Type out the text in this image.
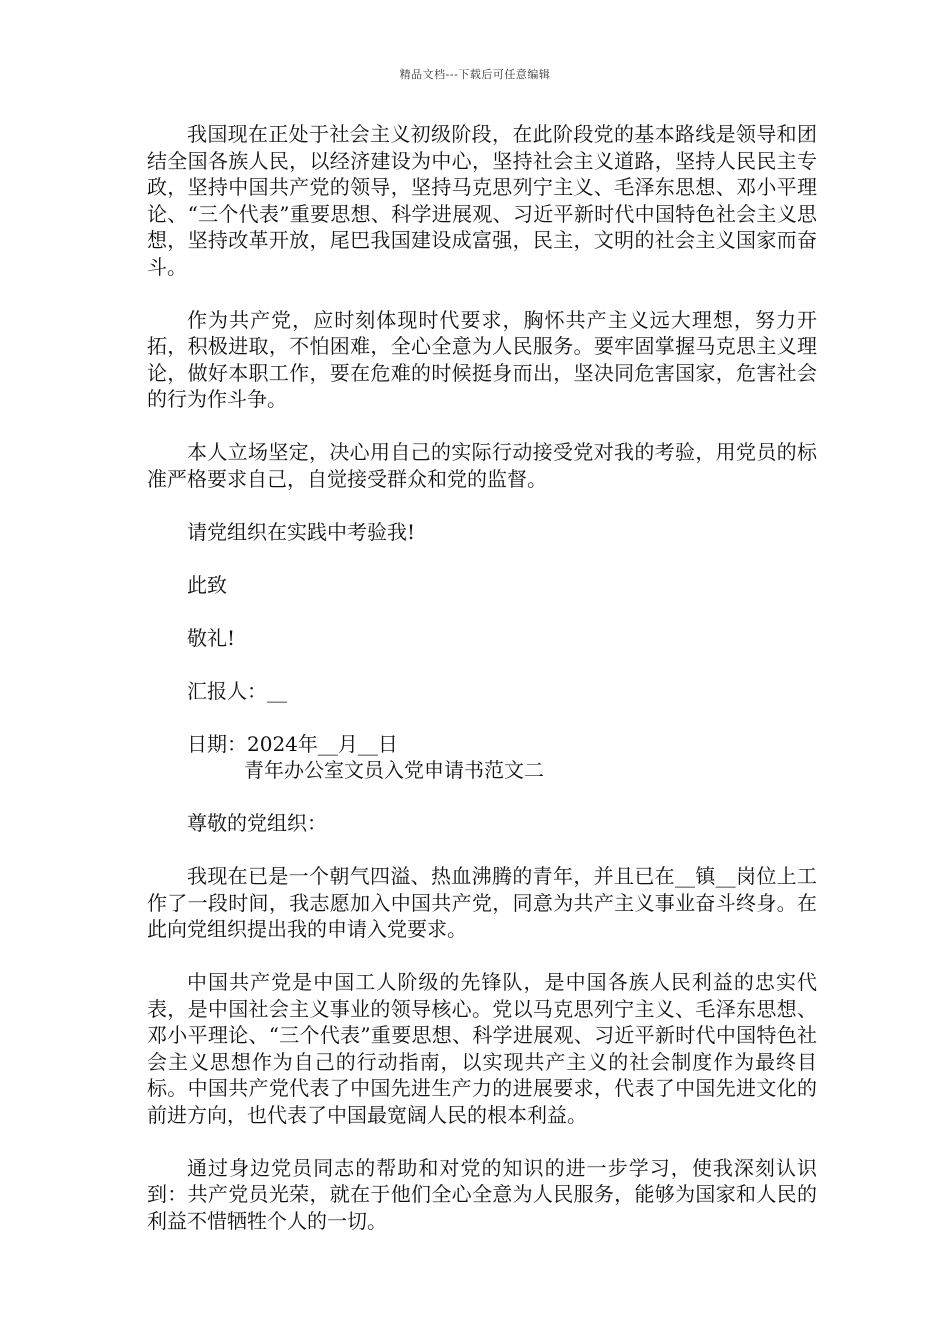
精品文档---下载后可任意编辑

我国现在正处于社会主义初级阶段，在此阶段党的基本路线是领导和团结全国各族人民，以经济建设为中心，坚持社会主义道路，坚持人民民主专政，坚持中国共产党的领导，坚持马克思列宁主义、毛泽东思想、邓小平理论、“三个代表”重要思想、科学进展观、习近平新时代中国特色社会主义思想，坚持改革开放，尾巴我国建设成富强，民主，文明的社会主义国家而奋斗。

作为共产党，应时刻体现时代要求，胸怀共产主义远大理想，努力开拓，积极进取，不怕困难，全心全意为人民服务。要牢固掌握马克思主义理论，做好本职工作，要在危难的时候挺身而出，坚决同危害国家，危害社会的行为作斗争。

本人立场坚定，决心用自己的实际行动接受党对我的考验，用党员的标准严格要求自己，自觉接受群众和党的监督。

请党组织在实践中考验我!

此致

敬礼!

汇报人：__

日期：2024年__月__日

青年办公室文员入党申请书范文二

尊敬的党组织：

我现在已是一个朝气四溢、热血沸腾的青年，并且已在__镇__岗位上工作了一段时间，我志愿加入中国共产党，同意为共产主义事业奋斗终身。在此向党组织提出我的申请入党要求。

中国共产党是中国工人阶级的先锋队，是中国各族人民利益的忠实代表，是中国社会主义事业的领导核心。党以马克思列宁主义、毛泽东思想、邓小平理论、“三个代表”重要思想、科学进展观、习近平新时代中国特色社会主义思想作为自己的行动指南，以实现共产主义的社会制度作为最终目标。中国共产党代表了中国先进生产力的进展要求，代表了中国先进文化的前进方向，也代表了中国最宽阔人民的根本利益。

通过身边党员同志的帮助和对党的知识的进一步学习，使我深刻认识到：共产党员光荣，就在于他们全心全意为人民服务，能够为国家和人民的利益不惜牺牲个人的一切。
